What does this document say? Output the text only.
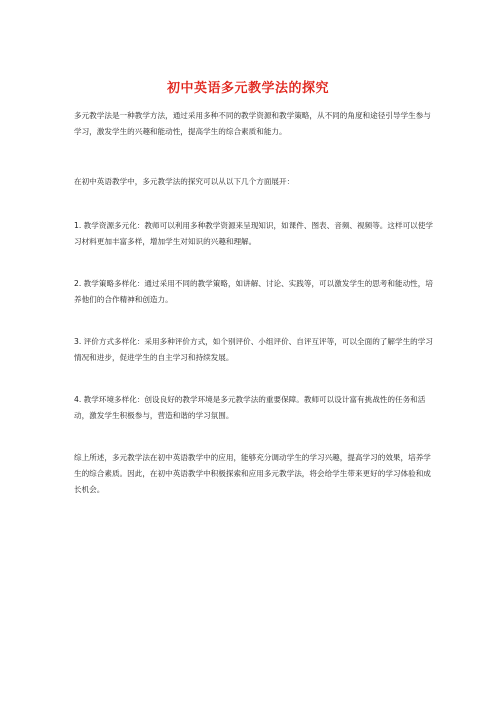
初中英语多元教学法的探究

多元教学法是一种教学方法，通过采用多种不同的教学资源和教学策略，从不同的角度和途径引导学生参与学习，激发学生的兴趣和能动性，提高学生的综合素质和能力。

在初中英语教学中，多元教学法的探究可以从以下几个方面展开：

1. 教学资源多元化：教师可以利用多种教学资源来呈现知识，如课件、图表、音频、视频等。这样可以使学习材料更加丰富多样，增加学生对知识的兴趣和理解。

2. 教学策略多样化：通过采用不同的教学策略，如讲解、讨论、实践等，可以激发学生的思考和能动性，培养他们的合作精神和创造力。

3. 评价方式多样化：采用多种评价方式，如个别评价、小组评价、自评互评等，可以全面的了解学生的学习情况和进步，促进学生的自主学习和持续发展。

4. 教学环境多样化：创设良好的教学环境是多元教学法的重要保障。教师可以设计富有挑战性的任务和活动，激发学生积极参与，营造和谐的学习氛围。

综上所述，多元教学法在初中英语教学中的应用，能够充分调动学生的学习兴趣，提高学习的效果，培养学生的综合素质。因此，在初中英语教学中积极探索和应用多元教学法，将会给学生带来更好的学习体验和成长机会。
